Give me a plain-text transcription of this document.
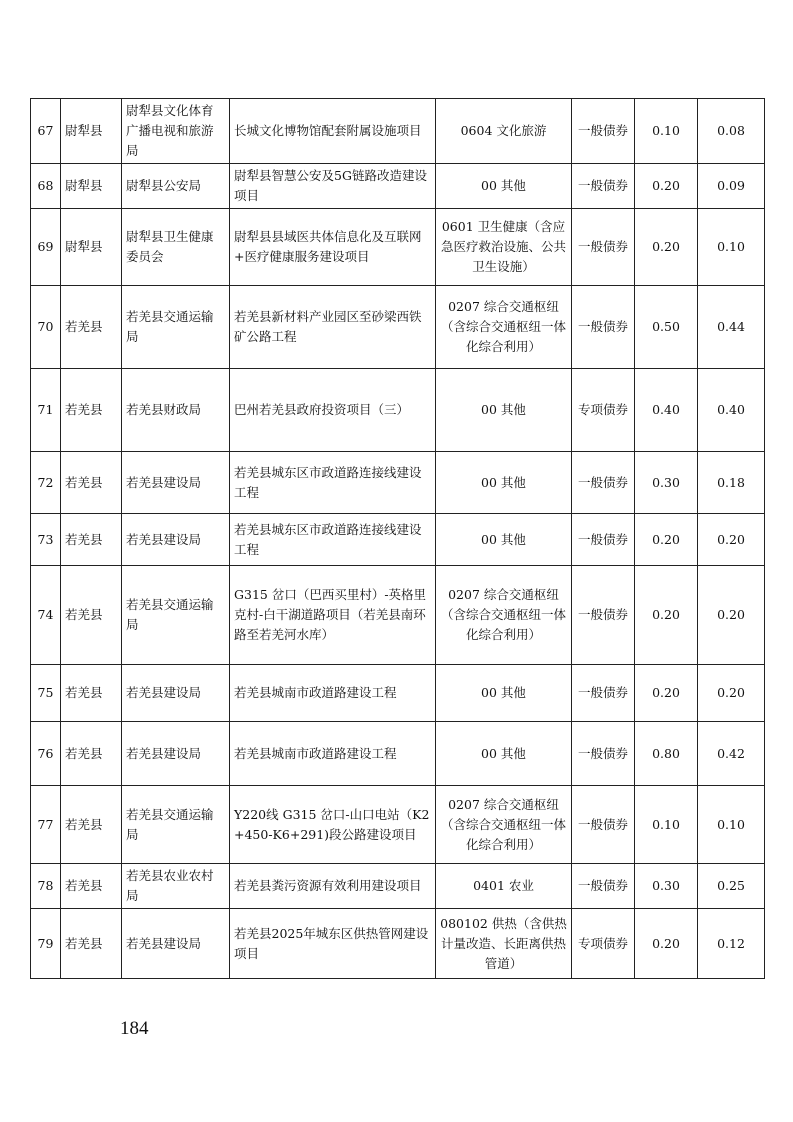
67	尉犁县	尉犁县文化体育广播电视和旅游局	长城文化博物馆配套附属设施项目	0604 文化旅游	一般债券	0.10	0.08
68	尉犁县	尉犁县公安局	尉犁县智慧公安及5G链路改造建设项目	00 其他	一般债券	0.20	0.09
69	尉犁县	尉犁县卫生健康委员会	尉犁县县域医共体信息化及互联网+医疗健康服务建设项目	0601 卫生健康（含应急医疗救治设施、公共卫生设施）	一般债券	0.20	0.10
70	若羌县	若羌县交通运输局	若羌县新材料产业园区至砂梁西铁矿公路工程	0207 综合交通枢纽（含综合交通枢纽一体化综合利用）	一般债券	0.50	0.44
71	若羌县	若羌县财政局	巴州若羌县政府投资项目（三）	00 其他	专项债券	0.40	0.40
72	若羌县	若羌县建设局	若羌县城东区市政道路连接线建设工程	00 其他	一般债券	0.30	0.18
73	若羌县	若羌县建设局	若羌县城东区市政道路连接线建设工程	00 其他	一般债券	0.20	0.20
74	若羌县	若羌县交通运输局	G315 岔口（巴西买里村）-英格里克村-白干湖道路项目（若羌县南环路至若羌河水库）	0207 综合交通枢纽（含综合交通枢纽一体化综合利用）	一般债券	0.20	0.20
75	若羌县	若羌县建设局	若羌县城南市政道路建设工程	00 其他	一般债券	0.20	0.20
76	若羌县	若羌县建设局	若羌县城南市政道路建设工程	00 其他	一般债券	0.80	0.42
77	若羌县	若羌县交通运输局	Y220线 G315 岔口-山口电站（K2+450-K6+291)段公路建设项目	0207 综合交通枢纽（含综合交通枢纽一体化综合利用）	一般债券	0.10	0.10
78	若羌县	若羌县农业农村局	若羌县粪污资源有效利用建设项目	0401 农业	一般债券	0.30	0.25
79	若羌县	若羌县建设局	若羌县2025年城东区供热管网建设项目	080102 供热（含供热计量改造、长距离供热管道）	专项债券	0.20	0.12
184
